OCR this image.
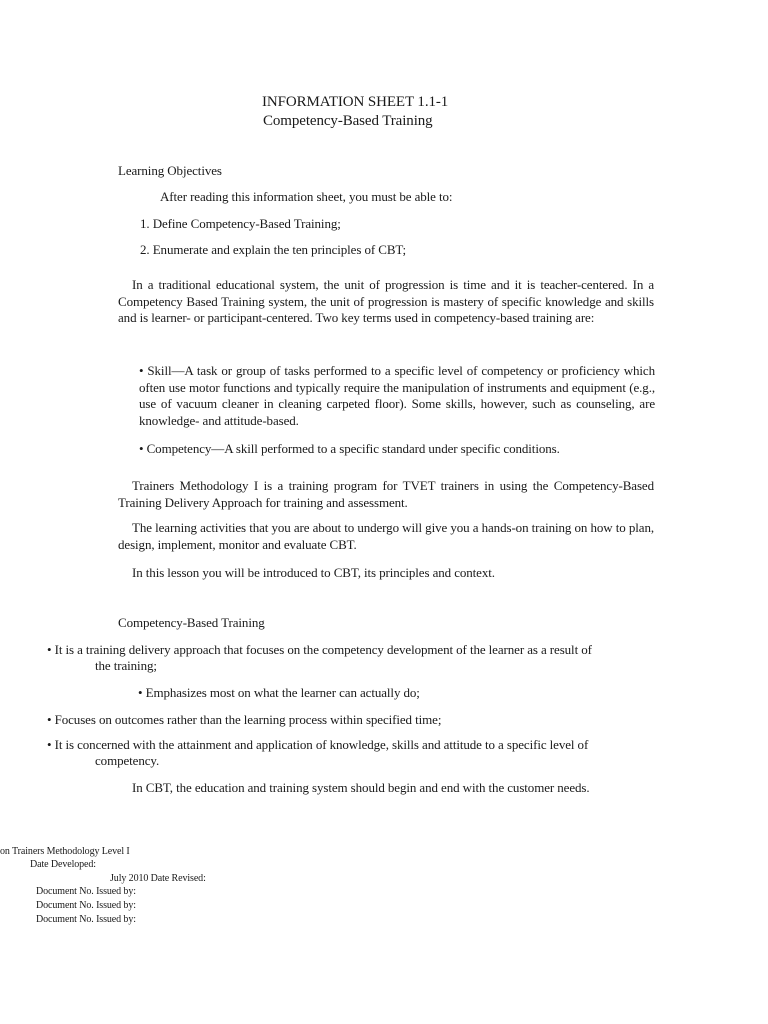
INFORMATION SHEET 1.1-1
Competency-Based Training
Learning Objectives
After reading this information sheet, you must be able to:
1. Define Competency-Based Training;
2. Enumerate and explain the ten principles of CBT;

In a traditional educational system, the unit of progression is time and it is teacher-centered. In a Competency Based Training system, the unit of progression is mastery of specific knowledge and skills and is learner- or participant-centered. Two key terms used in competency-based training are:

• Skill—A task or group of tasks performed to a specific level of competency or proficiency which often use motor functions and typically require the manipulation of instruments and equipment (e.g., use of vacuum cleaner in cleaning carpeted floor). Some skills, however, such as counseling, are knowledge- and attitude-based.

• Competency—A skill performed to a specific standard under specific conditions.

Trainers Methodology I is a training program for TVET trainers in using the Competency-Based Training Delivery Approach for training and assessment.

The learning activities that you are about to undergo will give you a hands-on training on how to plan, design, implement, monitor and evaluate CBT.

In this lesson you will be introduced to CBT, its principles and context.
Competency-Based Training
• It is a training delivery approach that focuses on the competency development of the learner as a result of
the training;
• Emphasizes most on what the learner can actually do;
• Focuses on outcomes rather than the learning process within specified time;
• It is concerned with the attainment and application of knowledge, skills and attitude to a specific level of
competency.
In CBT, the education and training system should begin and end with the customer needs.
on Trainers Methodology Level I
Date Developed:
July 2010 Date Revised:
Document No. Issued by:
Document No. Issued by:
Document No. Issued by:
